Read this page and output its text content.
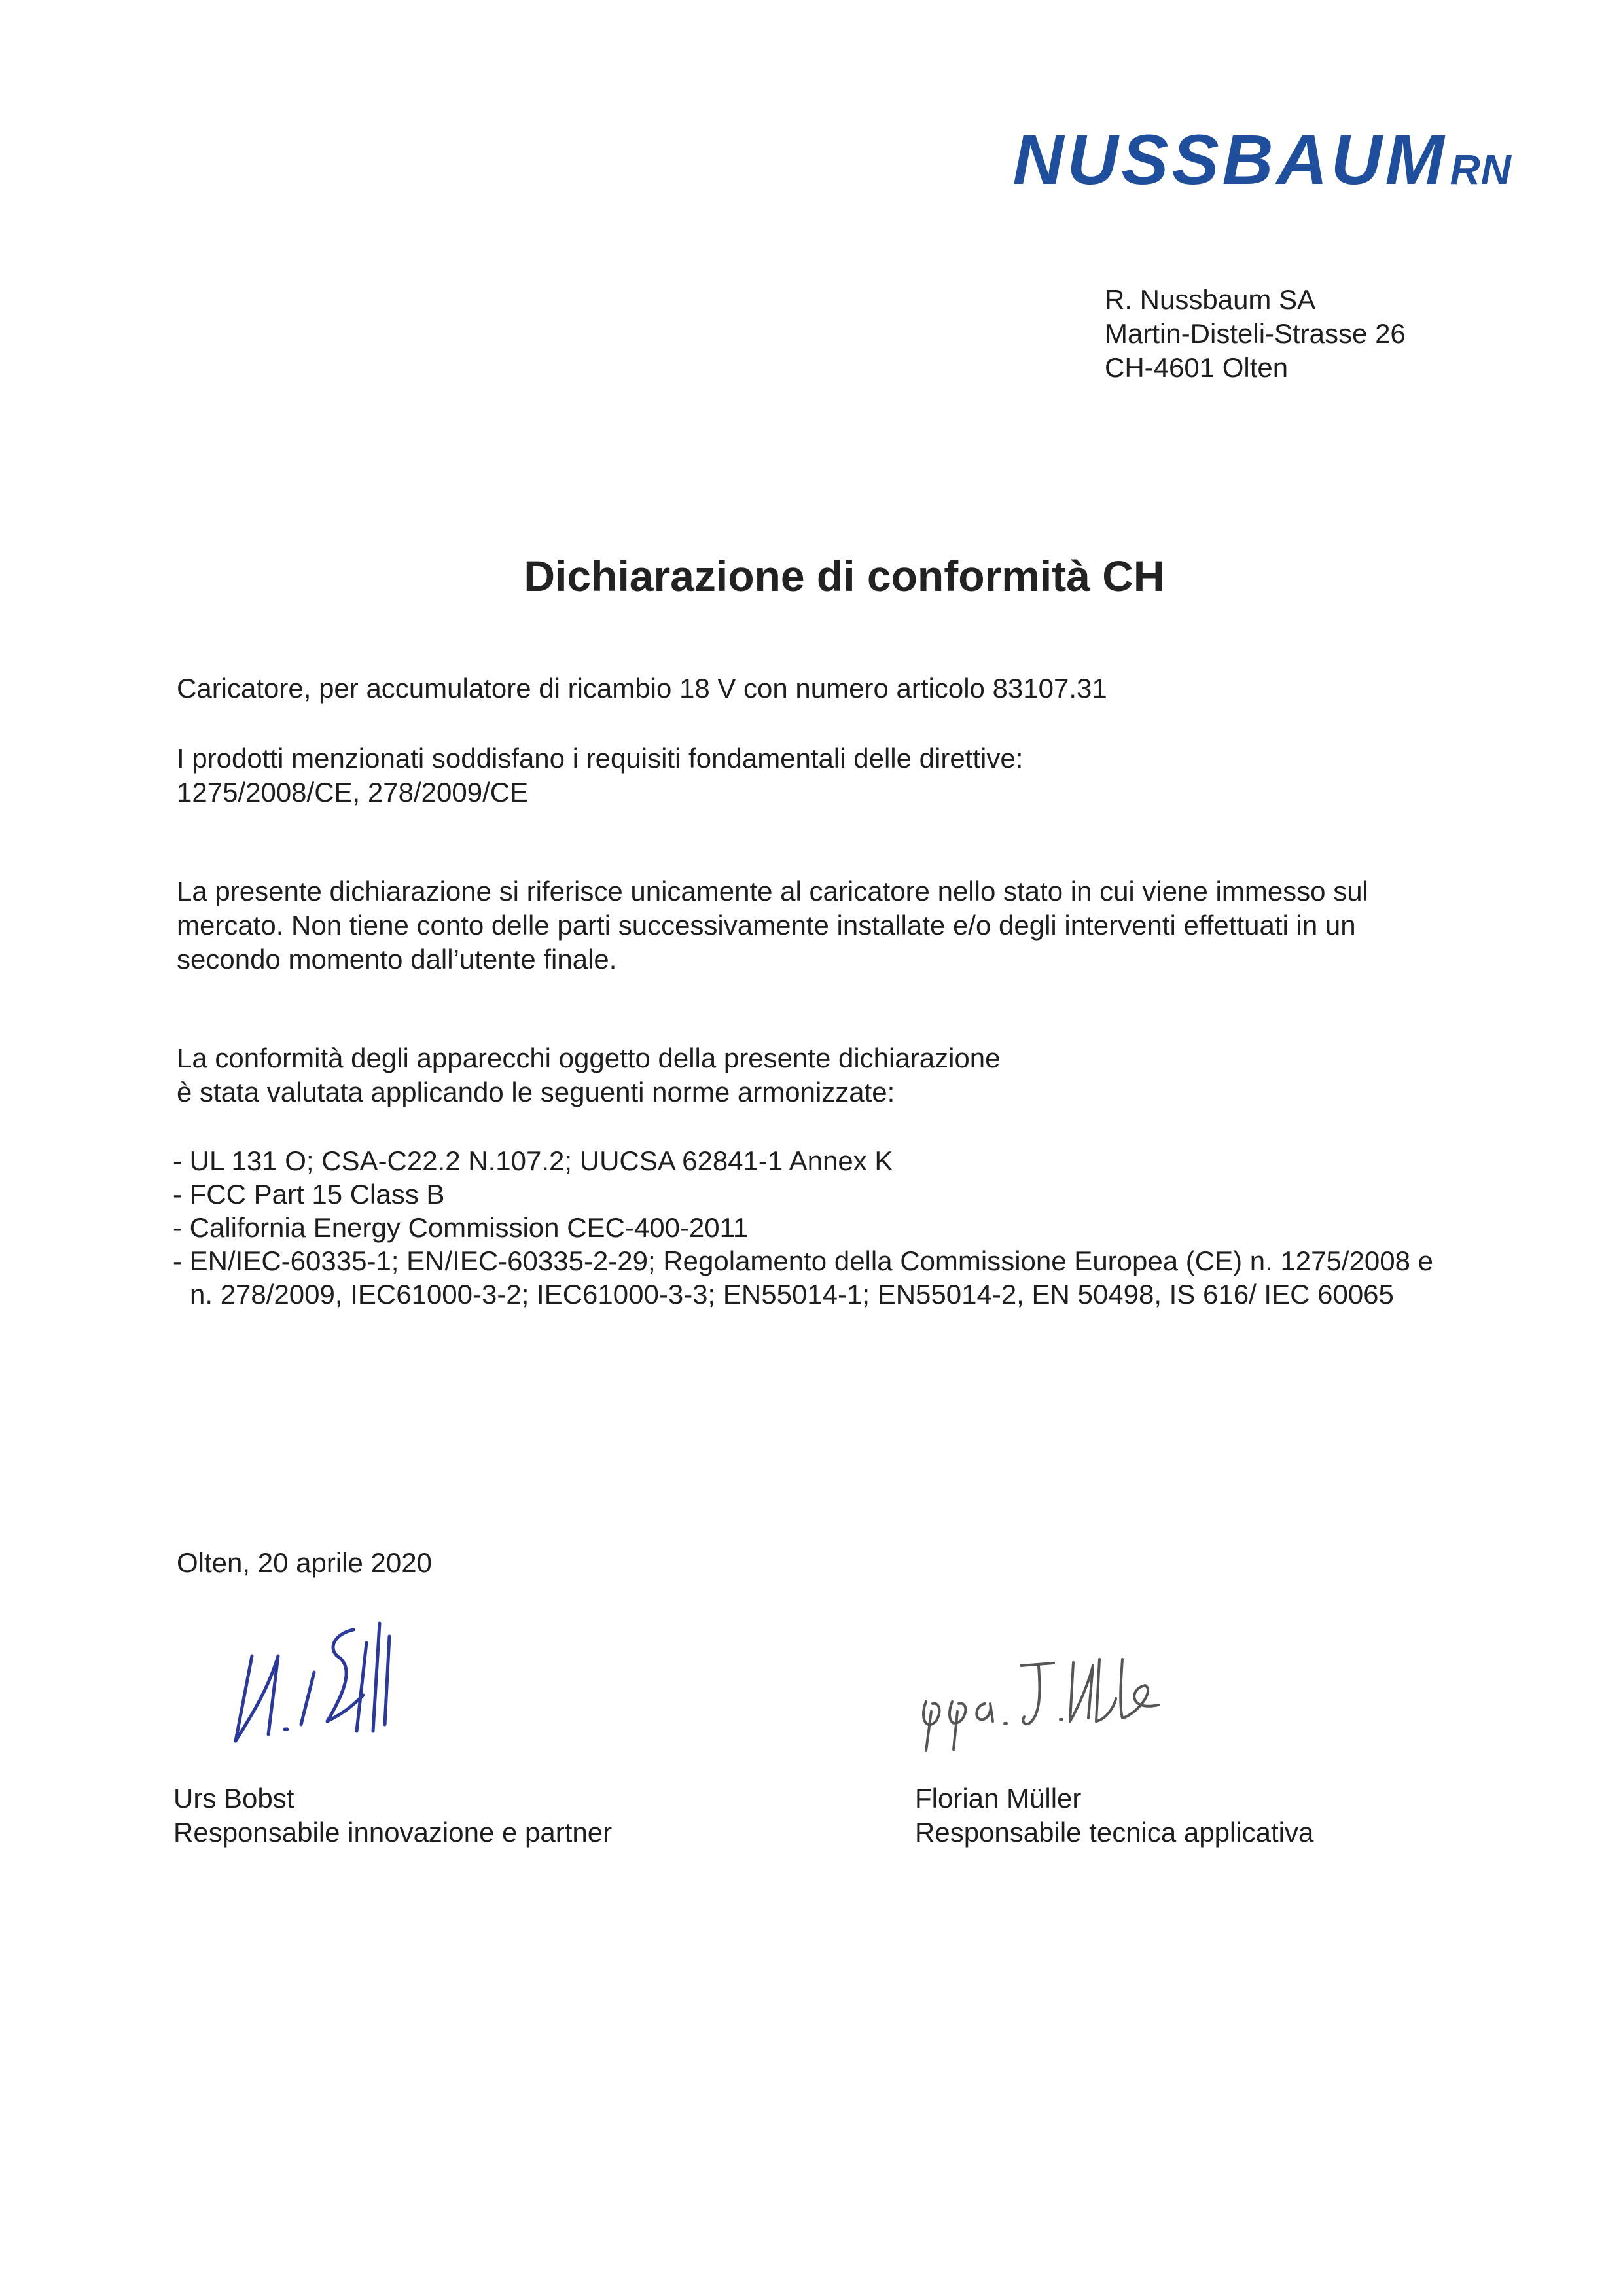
NUSSBAUMRN
R. Nussbaum SA
Martin-Disteli-Strasse 26
CH-4601 Olten
Dichiarazione di conformità CH
Caricatore, per accumulatore di ricambio 18 V con numero articolo 83107.31
I prodotti menzionati soddisfano i requisiti fondamentali delle direttive:
1275/2008/CE, 278/2009/CE
La presente dichiarazione si riferisce unicamente al caricatore nello stato in cui viene immesso sul
mercato. Non tiene conto delle parti successivamente installate e/o degli interventi effettuati in un
secondo momento dall’utente finale.
La conformità degli apparecchi oggetto della presente dichiarazione
è stata valutata applicando le seguenti norme armonizzate:
- UL 131 O; CSA-C22.2 N.107.2; UUCSA 62841-1 Annex K
- FCC Part 15 Class B
- California Energy Commission CEC-400-2011
- EN/IEC-60335-1; EN/IEC-60335-2-29; Regolamento della Commissione Europea (CE) n. 1275/2008 e
n. 278/2009, IEC61000-3-2; IEC61000-3-3; EN55014-1; EN55014-2, EN 50498, IS 616/ IEC 60065
Olten, 20 aprile 2020
Urs Bobst
Responsabile innovazione e partner
Florian Müller
Responsabile tecnica applicativa
